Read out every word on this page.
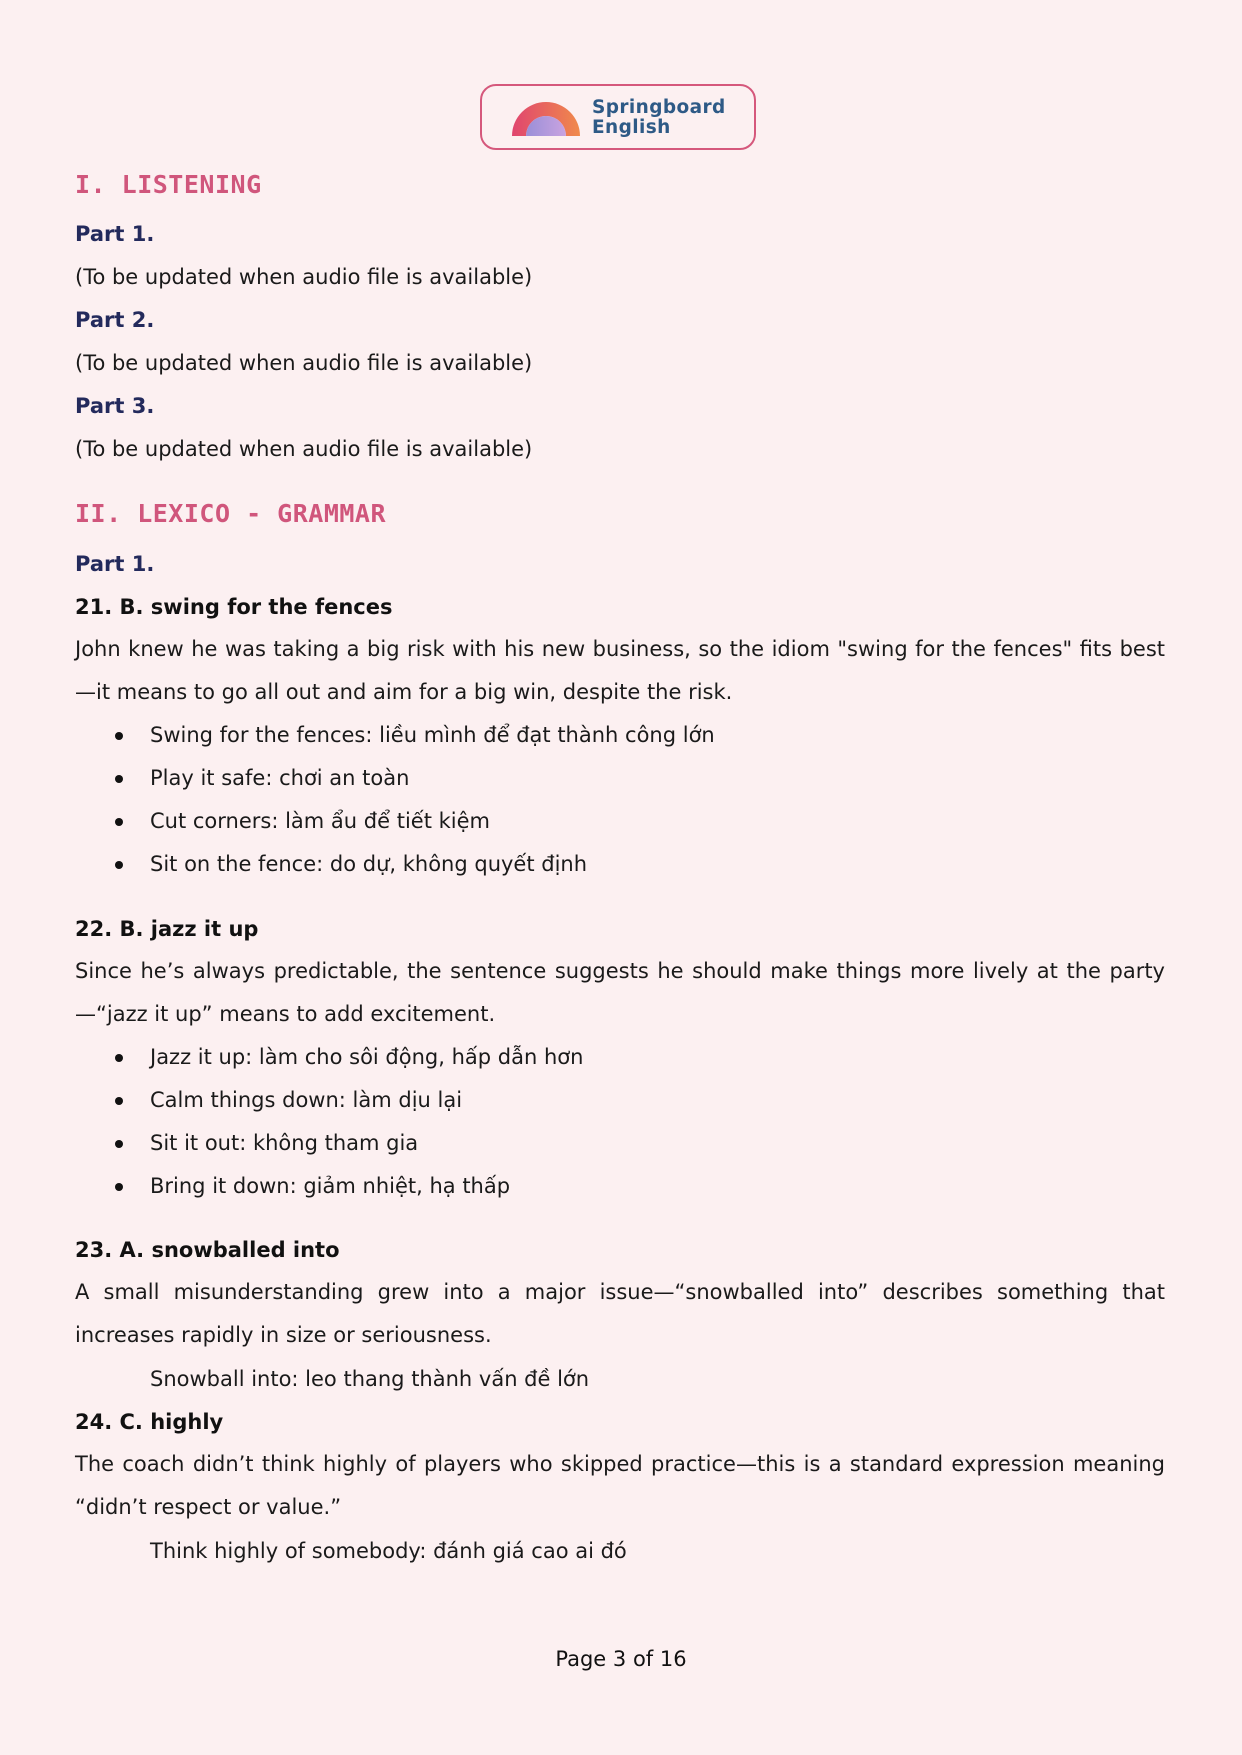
Springboard
English
I. LISTENING
Part 1.
(To be updated when audio file is available)
Part 2.
(To be updated when audio file is available)
Part 3.
(To be updated when audio file is available)
II. LEXICO - GRAMMAR
Part 1.
21. B. swing for the fences
John knew he was taking a big risk with his new business, so the idiom "swing for the fences" fits best—it means to go all out and aim for a big win, despite the risk.
Swing for the fences: liều mình để đạt thành công lớn
Play it safe: chơi an toàn
Cut corners: làm ẩu để tiết kiệm
Sit on the fence: do dự, không quyết định
22. B. jazz it up
Since he’s always predictable, the sentence suggests he should make things more lively at the party—“jazz it up” means to add excitement.
Jazz it up: làm cho sôi động, hấp dẫn hơn
Calm things down: làm dịu lại
Sit it out: không tham gia
Bring it down: giảm nhiệt, hạ thấp
23. A. snowballed into
A small misunderstanding grew into a major issue—“snowballed into” describes something that increases rapidly in size or seriousness.
Snowball into: leo thang thành vấn đề lớn
24. C. highly
The coach didn’t think highly of players who skipped practice—this is a standard expression meaning “didn’t respect or value.”
Think highly of somebody: đánh giá cao ai đó
Page 3 of 16
